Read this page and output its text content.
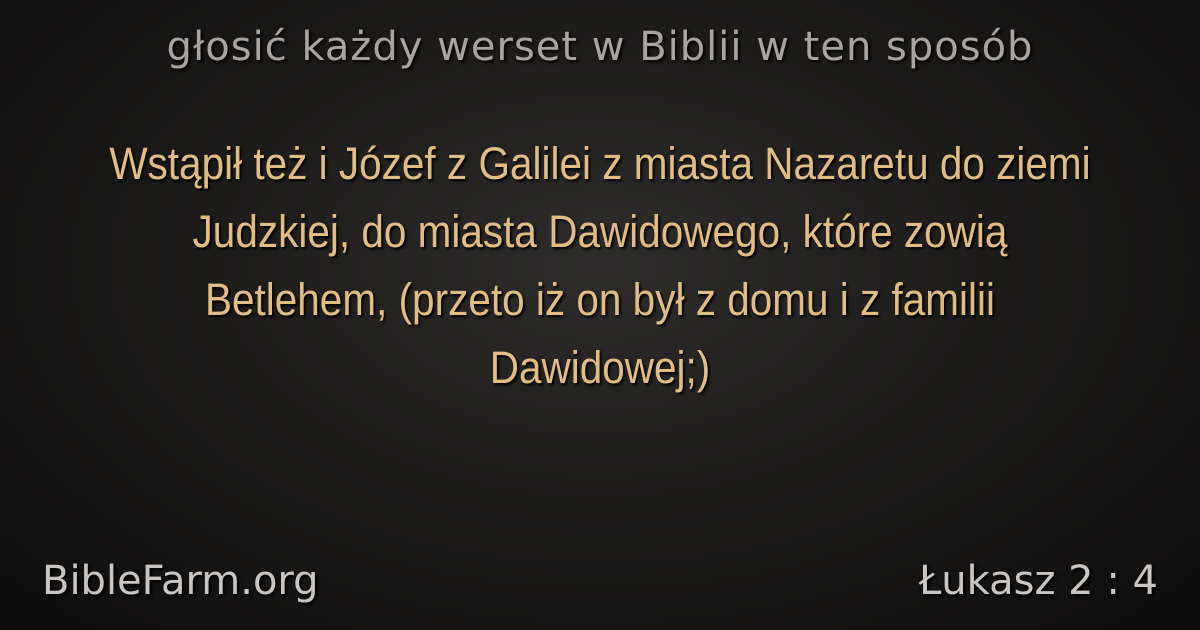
głosić każdy werset w Biblii w ten sposób
Wstąpił też i Józef z Galilei z miasta Nazaretu do ziemi Judzkiej, do miasta Dawidowego, które zowią Betlehem, (przeto iż on był z domu i z familii Dawidowej;)
BibleFarm.org	Łukasz 2 : 4
